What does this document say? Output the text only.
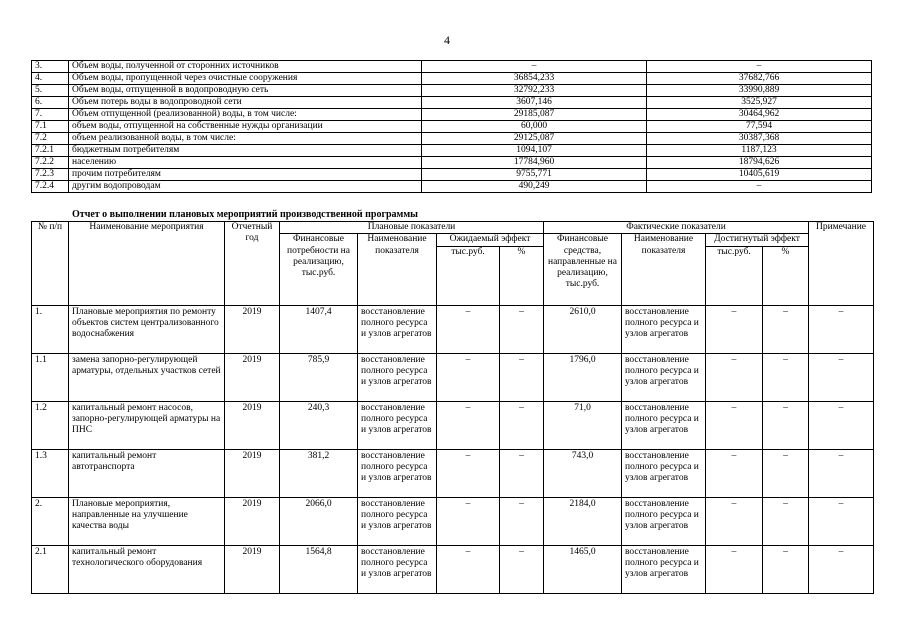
4
3.	Объем воды, полученной от сторонних источников	–	–
4.	Объем воды, пропущенной через очистные сооружения	36854,233	37682,766
5.	Объем воды, отпущенной в водопроводную сеть	32792,233	33990,889
6.	Объем потерь воды в водопроводной сети	3607,146	3525,927
7.	Объем отпущенной (реализованной) воды, в том числе:	29185,087	30464,962
7.1	объем воды, отпущенной на собственные нужды организации	60,000	77,594
7.2	объем реализованной воды, в том числе:	29125,087	30387,368
7.2.1	бюджетным потребителям	1094,107	1187,123
7.2.2	населению	17784,960	18794,626
7.2.3	прочим потребителям	9755,771	10405,619
7.2.4	другим водопроводам	490,249	–
Отчет о выполнении плановых мероприятий производственной программы
№ п/п	Наименование мероприятия	Отчетный год	Плановые показатели				Фактические показатели				Примечание
			Финансовые потребности на реализацию, тыс.руб.	Наименование показателя	Ожидаемый эффект		Финансовые средства, направленные на реализацию, тыс.руб.	Наименование показателя	Достигнутый эффект		
					тыс.руб.	%			тыс.руб.	%	
1.	Плановые мероприятия по ремонту объектов систем централизованного водоснабжения	2019	1407,4	восстановление полного ресурса и узлов агрегатов	–	–	2610,0	восстановление полного ресурса и узлов агрегатов	–	–	–
1.1	замена запорно-регулирующей арматуры, отдельных участков сетей	2019	785,9	восстановление полного ресурса и узлов агрегатов	–	–	1796,0	восстановление полного ресурса и узлов агрегатов	–	–	–
1.2	капитальный ремонт насосов, запорно-регулирующей арматуры на ПНС	2019	240,3	восстановление полного ресурса и узлов агрегатов	–	–	71,0	восстановление полного ресурса и узлов агрегатов	–	–	–
1.3	капитальный ремонт автотранспорта	2019	381,2	восстановление полного ресурса и узлов агрегатов	–	–	743,0	восстановление полного ресурса и узлов агрегатов	–	–	–
2.	Плановые мероприятия, направленные на улучшение качества воды	2019	2066,0	восстановление полного ресурса и узлов агрегатов	–	–	2184,0	восстановление полного ресурса и узлов агрегатов	–	–	–
2.1	капитальный ремонт технологического оборудования	2019	1564,8	восстановление полного ресурса и узлов агрегатов	–	–	1465,0	восстановление полного ресурса и узлов агрегатов	–	–	–
